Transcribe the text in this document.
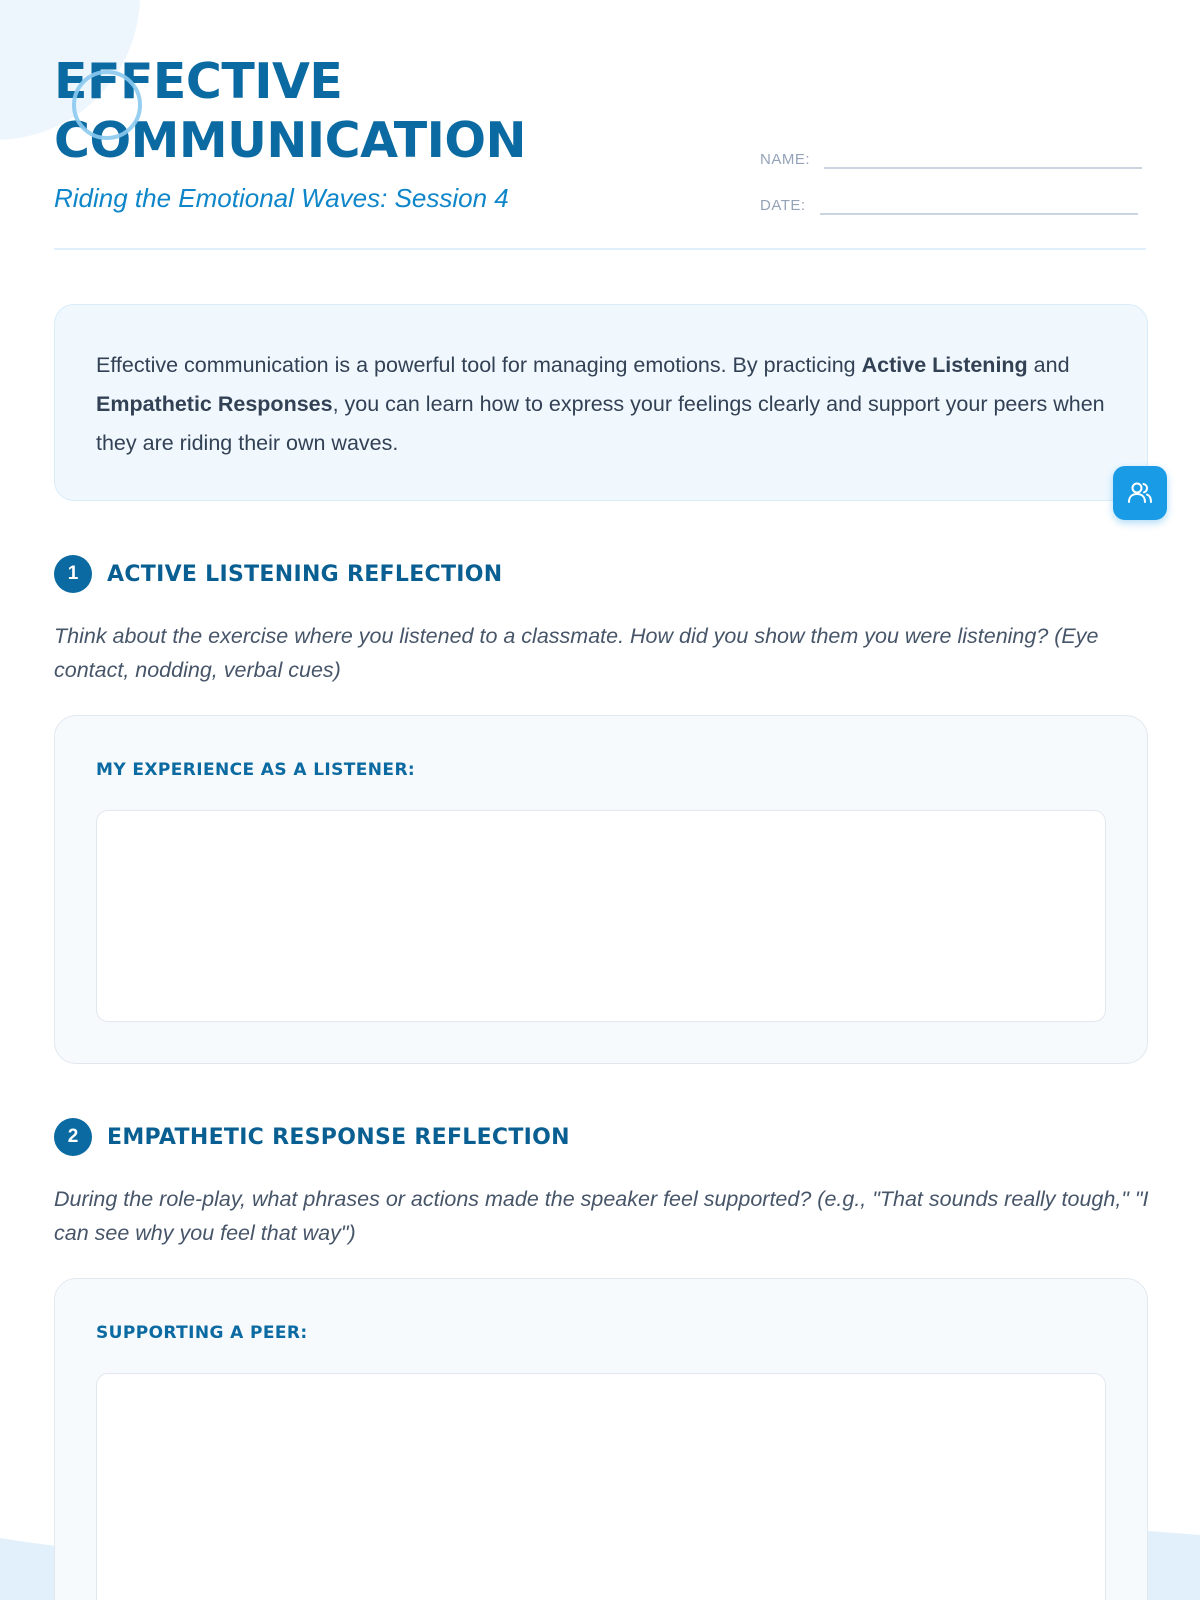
EFFECTIVE
COMMUNICATION
Riding the Emotional Waves: Session 4
NAME:
DATE:
Effective communication is a powerful tool for managing emotions. By practicing Active Listening and Empathetic Responses, you can learn how to express your feelings clearly and support your peers when they are riding their own waves.
1	ACTIVE LISTENING REFLECTION
Think about the exercise where you listened to a classmate. How did you show them you were listening? (Eye contact, nodding, verbal cues)
MY EXPERIENCE AS A LISTENER:
2	EMPATHETIC RESPONSE REFLECTION
During the role-play, what phrases or actions made the speaker feel supported? (e.g., "That sounds really tough," "I can see why you feel that way")
SUPPORTING A PEER:
